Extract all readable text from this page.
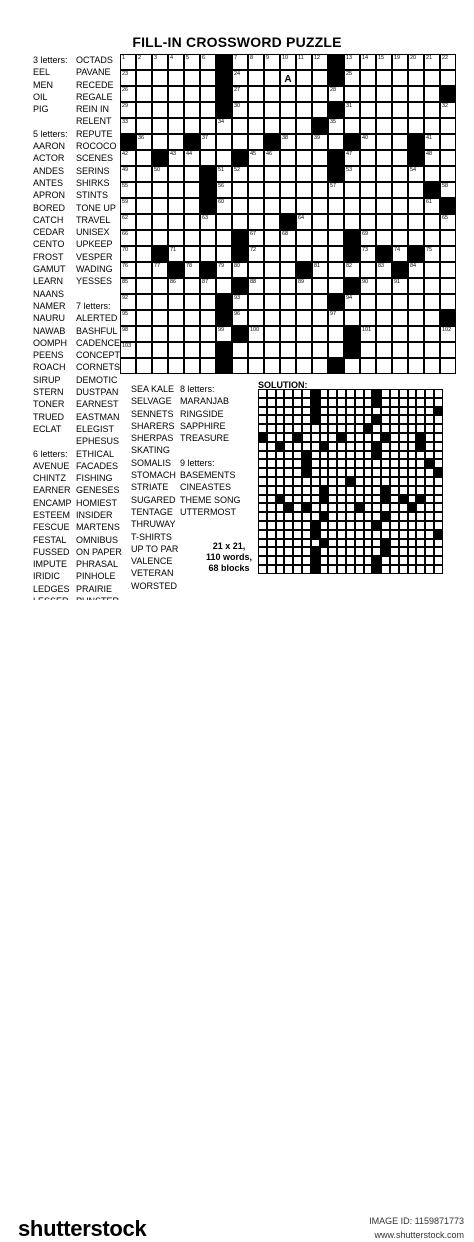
FILL-IN CROSSWORD PUZZLE
3 letters:
EEL
MEN
OIL
PIG
5 letters:
AARON
ACTOR
ANDES
ANTES
APRON
BORED
CATCH
CEDAR
CENTO
FROST
GAMUT
LEARN
NAANS
NAMER
NAURU
NAWAB
OOMPH
PEENS
ROACH
SIRUP
STERN
TONER
TRUED
ECLAT
6 letters:
AVENUE
CHINTZ
EARNER
ENCAMP
ESTEEM
FESCUE
FESTAL
FUSSED
IMPUTE
IRIDIC
LEDGES
OCTADS
PAVANE
RECEDE
REGALE
REIN IN
RELENT
REPUTE
ROCOCO
SCENES
SERINS
SHIRKS
STINTS
TONE UP
TRAVEL
UNISEX
UPKEEP
VESPER
WADING
YESSES
7 letters:
ALERTED
BASHFUL
CADENCE
CONCEPT
CORNETS
DEMOTIC
DUSTPAN
EARNEST
EASTMAN
ELEGIST
EPHESUS
ETHICAL
FACADES
FISHING
GENESES
HOMIEST
INSIDER
MARTENS
OMNIBUS
ON PAPER
PHRASAL
PINHOLE
PRAIRIE
SEA KALE
SELVAGE
SENNETS
SHARERS
SHERPAS
SKATING
SOMALIS
STOMACH
STRIATE
SUGARED
TENTAGE
THRUWAY
T-SHIRTS
UP TO PAR
VALENCE
VETERAN
WORSTED
8 letters:
MARANJAB
RINGSIDE
SAPPHIRE
TREASURE
9 letters:
BASEMENTS
CINEASTES
THEME SONG
UTTERMOST
1 2 3 4 5 6	7 8 9 10 11 12	13 14 15 19 20 21 22
23	24	A	25
26	27	28
29	30	31	32
33	34	35
36	37	38	39	40	41
42	43 44	45 46	47	48
49	50	51 52	53	54
55	56	57	58
59	60	61
62	63	64	65
66	67	68	69
70	71	72	73	74	75
76	77	78	79 80	81	82	83	84
85	86	87	88	89	90	91
92	93	94
95	96	97
98	99	100	101	102
103
SOLUTION:
21 x 21,
110 words,
68 blocks
shutterstock	IMAGE ID: 1159871773
www.shutterstock.com
